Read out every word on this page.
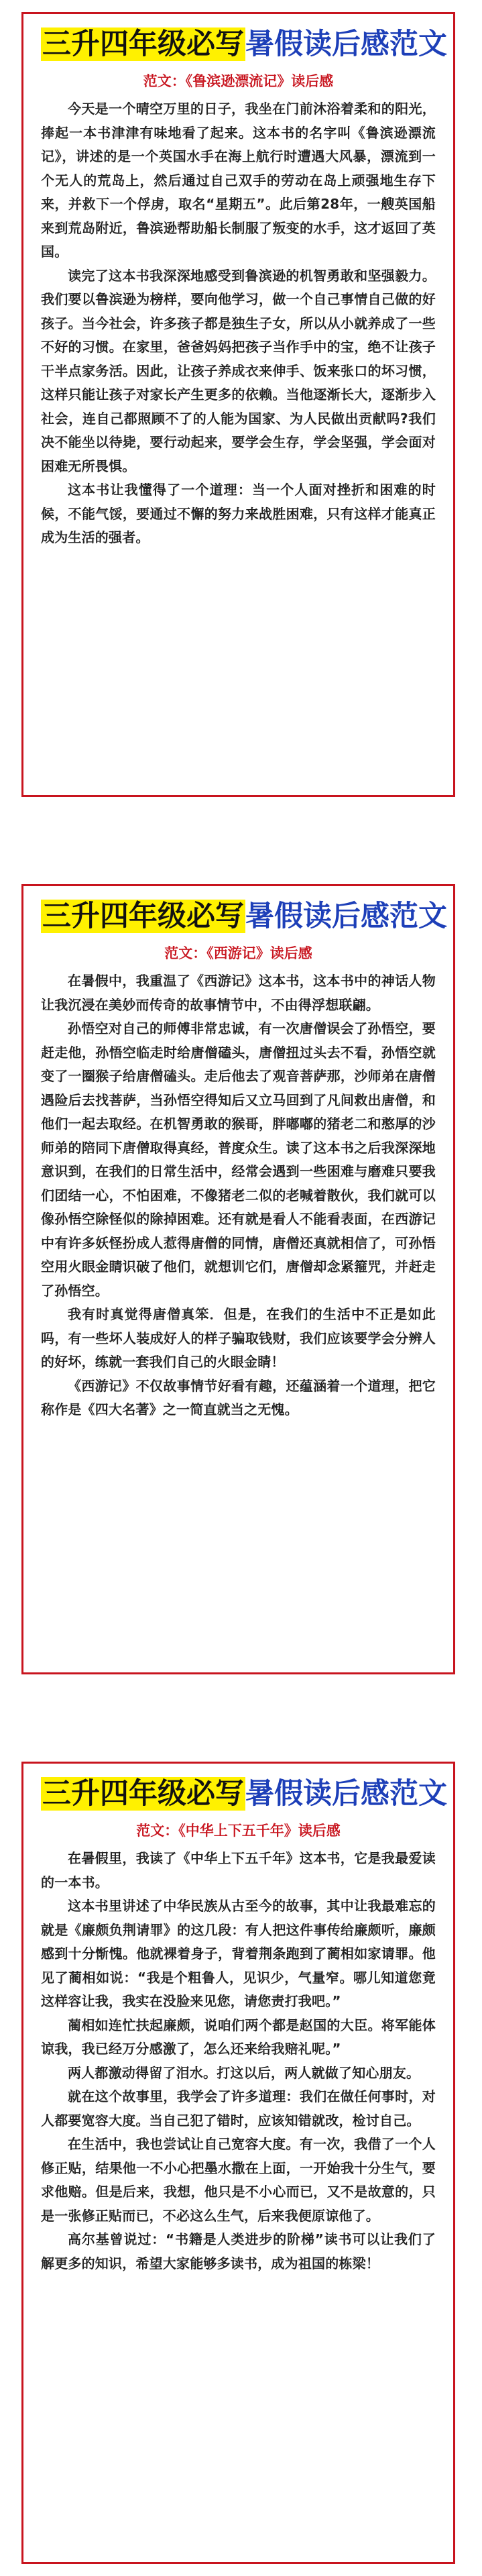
三升四年级必写暑假读后感范文
范文：《鲁滨逊漂流记》读后感

今天是一个晴空万里的日子，我坐在门前沐浴着柔和的阳光，捧起一本书津津有味地看了起来。这本书的名字叫《鲁滨逊漂流记》，讲述的是一个英国水手在海上航行时遭遇大风暴，漂流到一个无人的荒岛上，然后通过自己双手的劳动在岛上顽强地生存下来，并救下一个俘虏，取名“星期五”。此后第28年，一艘英国船来到荒岛附近，鲁滨逊帮助船长制服了叛变的水手，这才返回了英国。

读完了这本书我深深地感受到鲁滨逊的机智勇敢和坚强毅力。我们要以鲁滨逊为榜样，要向他学习，做一个自己事情自己做的好孩子。当今社会，许多孩子都是独生子女，所以从小就养成了一些不好的习惯。在家里，爸爸妈妈把孩子当作手中的宝，绝不让孩子干半点家务活。因此，让孩子养成衣来伸手、饭来张口的坏习惯，这样只能让孩子对家长产生更多的依赖。当他逐渐长大，逐渐步入社会，连自己都照顾不了的人能为国家、为人民做出贡献吗?我们决不能坐以待毙，要行动起来，要学会生存，学会坚强，学会面对困难无所畏惧。

这本书让我懂得了一个道理：当一个人面对挫折和困难的时候，不能气馁，要通过不懈的努力来战胜困难，只有这样才能真正成为生活的强者。

三升四年级必写暑假读后感范文
范文：《西游记》读后感

在暑假中，我重温了《西游记》这本书，这本书中的神话人物让我沉浸在美妙而传奇的故事情节中，不由得浮想联翩。

孙悟空对自己的师傅非常忠诚，有一次唐僧误会了孙悟空，要赶走他，孙悟空临走时给唐僧磕头，唐僧扭过头去不看，孙悟空就变了一圈猴子给唐僧磕头。走后他去了观音菩萨那，沙师弟在唐僧遇险后去找菩萨，当孙悟空得知后又立马回到了凡间救出唐僧，和他们一起去取经。在机智勇敢的猴哥，胖嘟嘟的猪老二和憨厚的沙师弟的陪同下唐僧取得真经，普度众生。读了这本书之后我深深地意识到，在我们的日常生活中，经常会遇到一些困难与磨难只要我们团结一心，不怕困难，不像猪老二似的老喊着散伙，我们就可以像孙悟空除怪似的除掉困难。还有就是看人不能看表面，在西游记中有许多妖怪扮成人惹得唐僧的同情，唐僧还真就相信了，可孙悟空用火眼金睛识破了他们，就想训它们，唐僧却念紧箍咒，并赶走了孙悟空。

我有时真觉得唐僧真笨．但是，在我们的生活中不正是如此吗，有一些坏人装成好人的样子骗取钱财，我们应该要学会分辨人的好坏，练就一套我们自己的火眼金睛！

《西游记》不仅故事情节好看有趣，还蕴涵着一个道理，把它称作是《四大名著》之一简直就当之无愧。

三升四年级必写暑假读后感范文
范文：《中华上下五千年》读后感

在暑假里，我读了《中华上下五千年》这本书，它是我最爱读的一本书。

这本书里讲述了中华民族从古至今的故事，其中让我最难忘的就是《廉颇负荆请罪》的这几段：有人把这件事传给廉颇听，廉颇感到十分惭愧。他就裸着身子，背着荆条跑到了蔺相如家请罪。他见了蔺相如说：“我是个粗鲁人，见识少，气量窄。哪儿知道您竟这样容让我，我实在没脸来见您，请您责打我吧。”

蔺相如连忙扶起廉颇，说咱们两个都是赵国的大臣。将军能体谅我，我已经万分感激了，怎么还来给我赔礼呢。”

两人都激动得留了泪水。打这以后，两人就做了知心朋友。

就在这个故事里，我学会了许多道理：我们在做任何事时，对人都要宽容大度。当自己犯了错时，应该知错就改，检讨自己。

在生活中，我也尝试让自己宽容大度。有一次，我借了一个人修正贴，结果他一不小心把墨水撒在上面，一开始我十分生气，要求他赔。但是后来，我想，他只是不小心而已，又不是故意的，只是一张修正贴而已，不必这么生气，后来我便原谅他了。

高尔基曾说过：“书籍是人类进步的阶梯”读书可以让我们了解更多的知识，希望大家能够多读书，成为祖国的栋梁！
